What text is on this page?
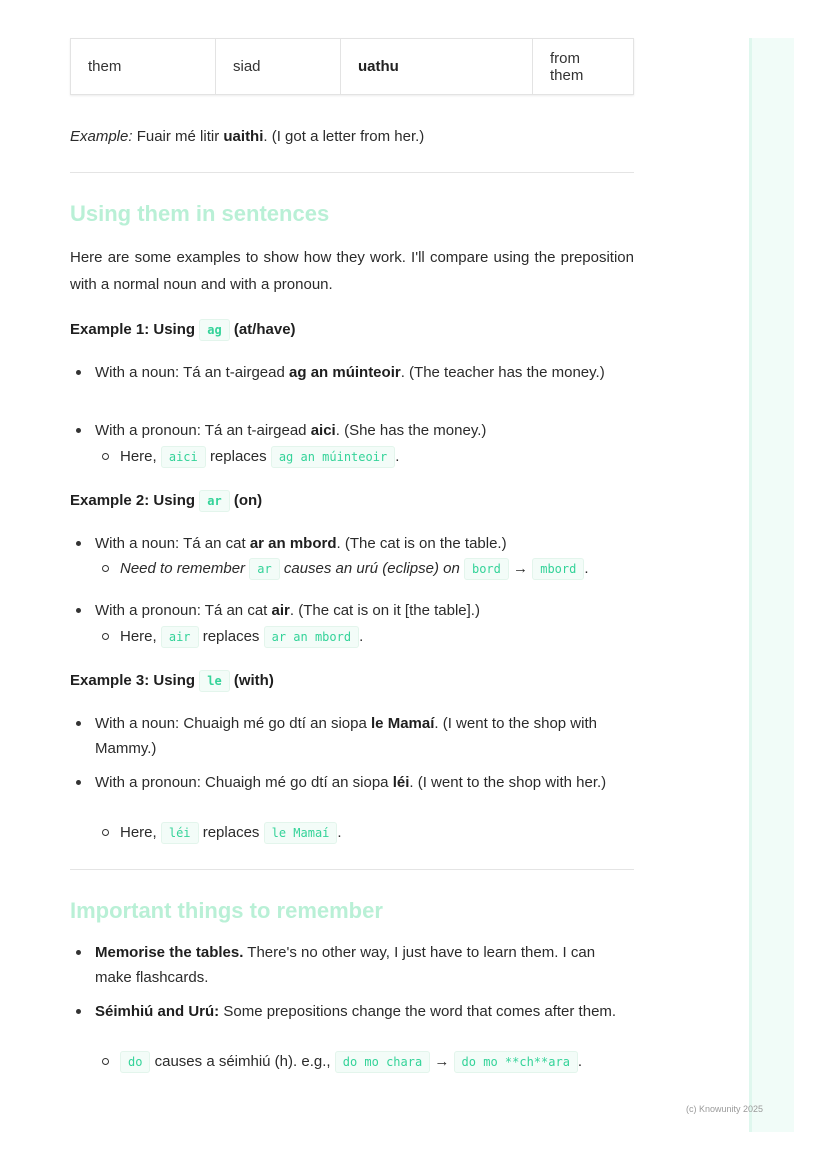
them	siad	uathu	from them

Example: Fuair mé litir uaithi. (I got a letter from her.)

Using them in sentences

Here are some examples to show how they work. I'll compare using the preposition with a normal noun and with a pronoun.

Example 1: Using ag (at/have)

With a noun: Tá an t-airgead ag an múinteoir. (The teacher has the money.)
With a pronoun: Tá an t-airgead aici. (She has the money.)
Here, aici replaces ag an múinteoir .

Example 2: Using ar (on)

With a noun: Tá an cat ar an mbord. (The cat is on the table.)
Need to remember ar causes an urú (eclipse) on bord → mbord .
With a pronoun: Tá an cat air. (The cat is on it [the table].)
Here, air replaces ar an mbord .

Example 3: Using le (with)

With a noun: Chuaigh mé go dtí an siopa le Mamaí. (I went to the shop with Mammy.)
With a pronoun: Chuaigh mé go dtí an siopa léi. (I went to the shop with her.)
Here, léi replaces le Mamaí .
Important things to remember
Memorise the tables. There's no other way, I just have to learn them. I can make flashcards.
Séimhiú and Urú: Some prepositions change the word that comes after them.
do causes a séimhiú (h). e.g., do mo chara → do mo **ch**ara .
(c) Knowunity 2025
